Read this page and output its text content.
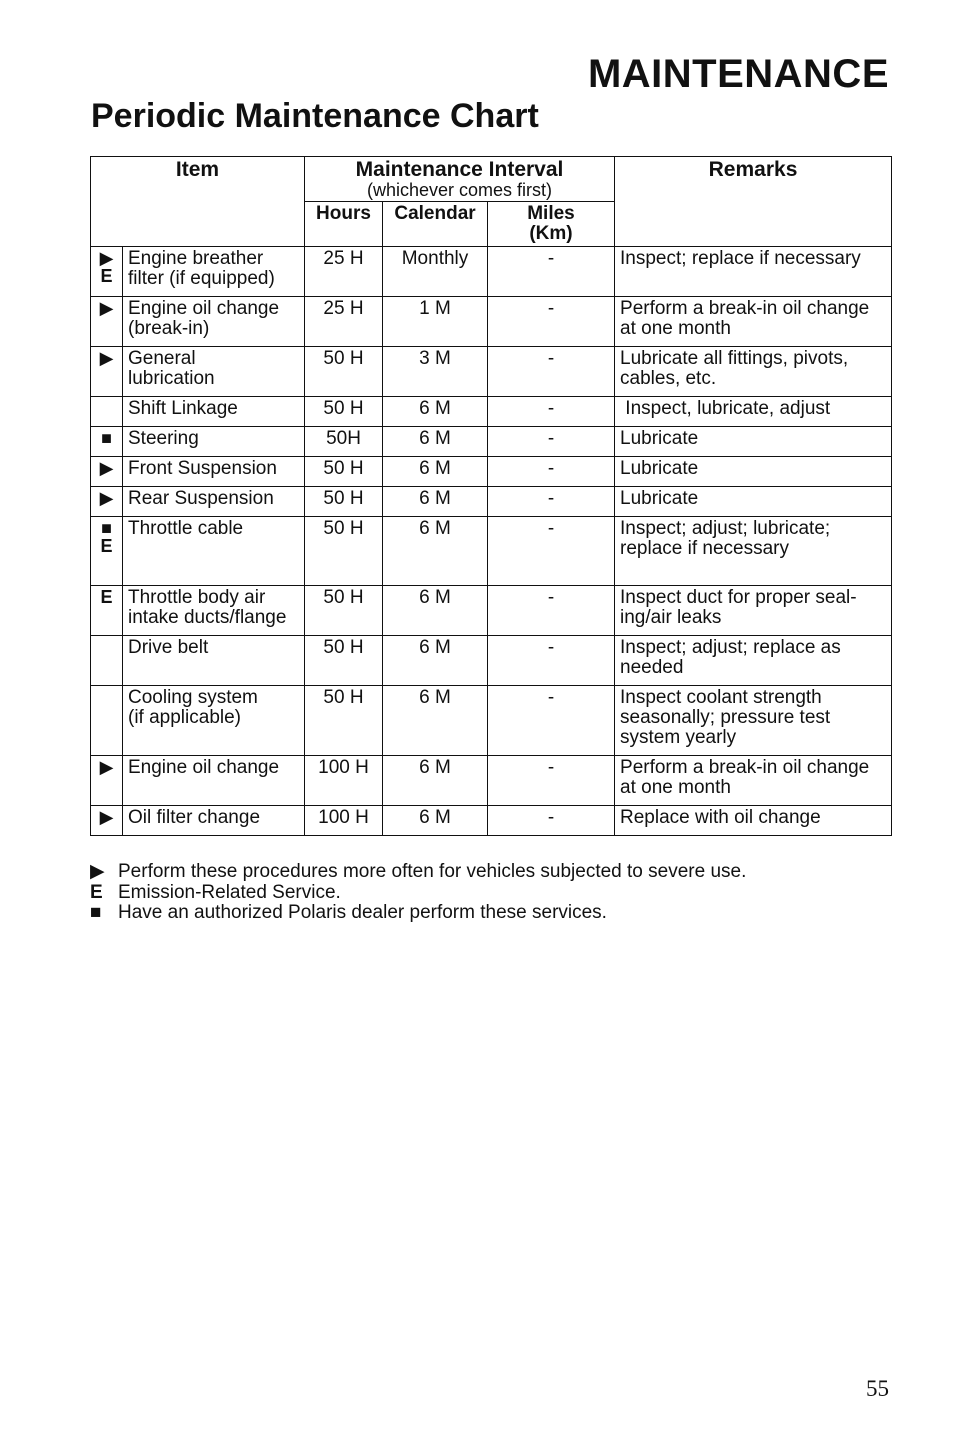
MAINTENANCE
Periodic Maintenance Chart
Item		Maintenance Interval
(whichever comes first)			Remarks
		Hours	Calendar	Miles
(Km)	

▶
E	Engine breather
filter (if equipped)	25 H	Monthly	-	Inspect; replace if necessary

▶	Engine oil change
(break-in)	25 H	1 M	-	Perform a break-in oil change
at one month

▶	General
lubrication	50 H	3 M	-	Lubricate all fittings, pivots,
cables, etc.

	Shift Linkage	50 H	6 M	-	Inspect, lubricate, adjust

■	Steering	50H	6 M	-	Lubricate

▶	Front Suspension	50 H	6 M	-	Lubricate

▶	Rear Suspension	50 H	6 M	-	Lubricate

■
E	Throttle cable	50 H	6 M	-	Inspect; adjust; lubricate;
replace if necessary

E	Throttle body air
intake ducts/flange	50 H	6 M	-	Inspect duct for proper seal-
ing/air leaks

	Drive belt	50 H	6 M	-	Inspect; adjust; replace as
needed

	Cooling system
(if applicable)	50 H	6 M	-	Inspect coolant strength
seasonally; pressure test
system yearly

▶	Engine oil change	100 H	6 M	-	Perform a break-in oil change
at one month

▶	Oil filter change	100 H	6 M	-	Replace with oil change
▶ Perform these procedures more often for vehicles subjected to severe use.
E Emission-Related Service.
■ Have an authorized Polaris dealer perform these services.
55
